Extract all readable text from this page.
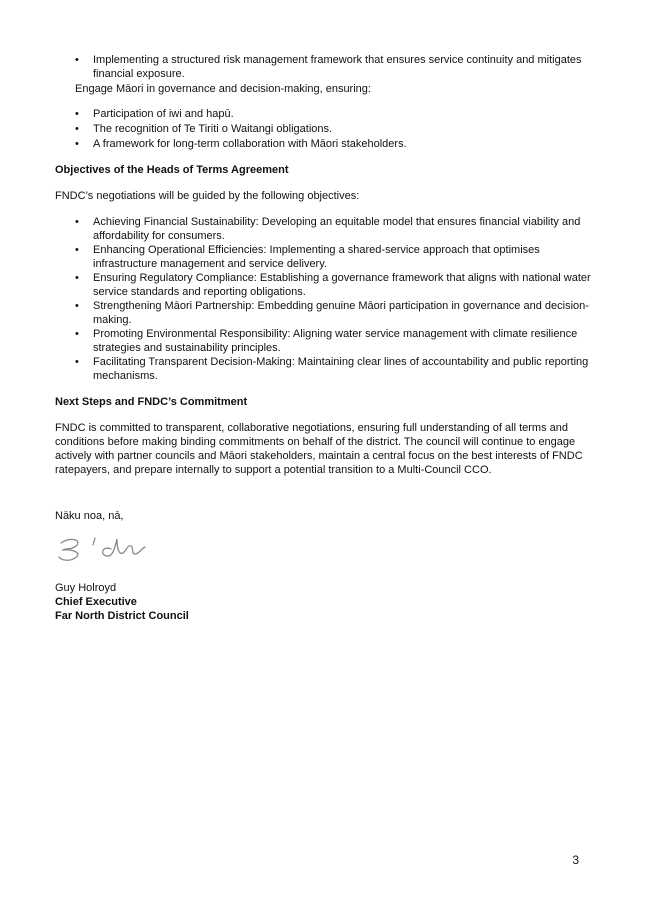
• Implementing a structured risk management framework that ensures service continuity and mitigates financial exposure.
Engage Māori in governance and decision-making, ensuring:
• Participation of iwi and hapū.
• The recognition of Te Tiriti o Waitangi obligations.
• A framework for long-term collaboration with Māori stakeholders.
Objectives of the Heads of Terms Agreement

FNDC’s negotiations will be guided by the following objectives:

• Achieving Financial Sustainability: Developing an equitable model that ensures financial viability and affordability for consumers.
• Enhancing Operational Efficiencies: Implementing a shared-service approach that optimises infrastructure management and service delivery.
• Ensuring Regulatory Compliance: Establishing a governance framework that aligns with national water service standards and reporting obligations.
• Strengthening Māori Partnership: Embedding genuine Māori participation in governance and decision-making.
• Promoting Environmental Responsibility: Aligning water service management with climate resilience strategies and sustainability principles.
• Facilitating Transparent Decision-Making: Maintaining clear lines of accountability and public reporting mechanisms.
Next Steps and FNDC’s Commitment

FNDC is committed to transparent, collaborative negotiations, ensuring full understanding of all terms and conditions before making binding commitments on behalf of the district. The council will continue to engage actively with partner councils and Māori stakeholders, maintain a central focus on the best interests of FNDC ratepayers, and prepare internally to support a potential transition to a Multi-Council CCO.

Nāku noa, nā,
Guy Holroyd
Chief Executive
Far North District Council
3
